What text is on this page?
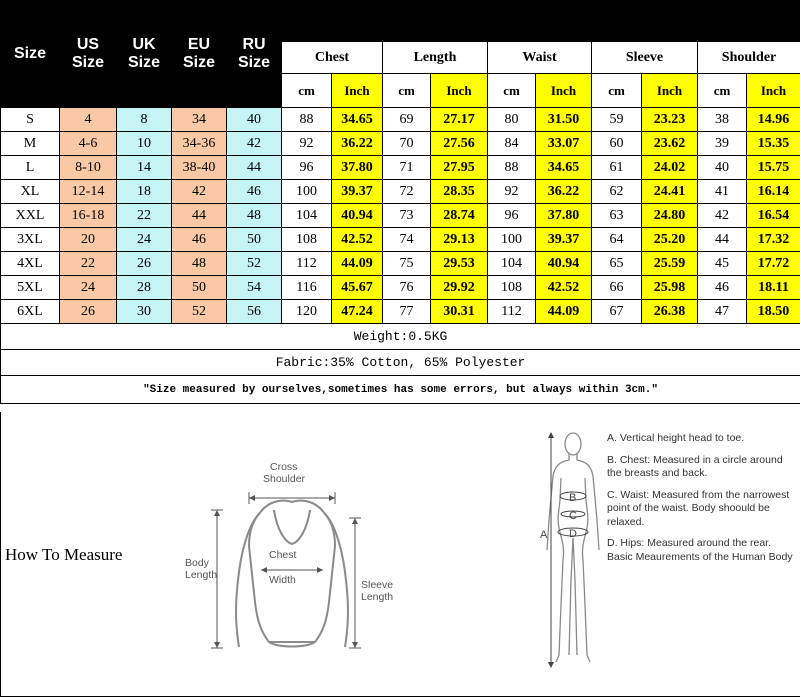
Size	US Size	UK Size	EU Size	RU Size										
					Chest		Length		Waist		Sleeve		Shoulder	
					cm	Inch	cm	Inch	cm	Inch	cm	Inch	cm	Inch
S	4	8	34	40	88	34.65	69	27.17	80	31.50	59	23.23	38	14.96
M	4-6	10	34-36	42	92	36.22	70	27.56	84	33.07	60	23.62	39	15.35
L	8-10	14	38-40	44	96	37.80	71	27.95	88	34.65	61	24.02	40	15.75
XL	12-14	18	42	46	100	39.37	72	28.35	92	36.22	62	24.41	41	16.14
XXL	16-18	22	44	48	104	40.94	73	28.74	96	37.80	63	24.80	42	16.54
3XL	20	24	46	50	108	42.52	74	29.13	100	39.37	64	25.20	44	17.32
4XL	22	26	48	52	112	44.09	75	29.53	104	40.94	65	25.59	45	17.72
5XL	24	28	50	54	116	45.67	76	29.92	108	42.52	66	25.98	46	18.11
6XL	26	30	52	56	120	47.24	77	30.31	112	44.09	67	26.38	47	18.50
Weight:0.5KG														
Fabric:35% Cotton, 65% Polyester														
"Size measured by ourselves,sometimes has some errors, but always within 3cm."														
How To Measure
Cross
Shoulder
Body
Length
Chest
Width	Sleeve
Length
B
C
D
A
A. Vertical height head to toe.
B. Chest: Measured in a circle around the breasts and back.
C. Waist: Measured from the narrowest point of the waist. Body shoould be relaxed.
D. Hips: Measured around the rear. Basic Meaurements of the Human Body
